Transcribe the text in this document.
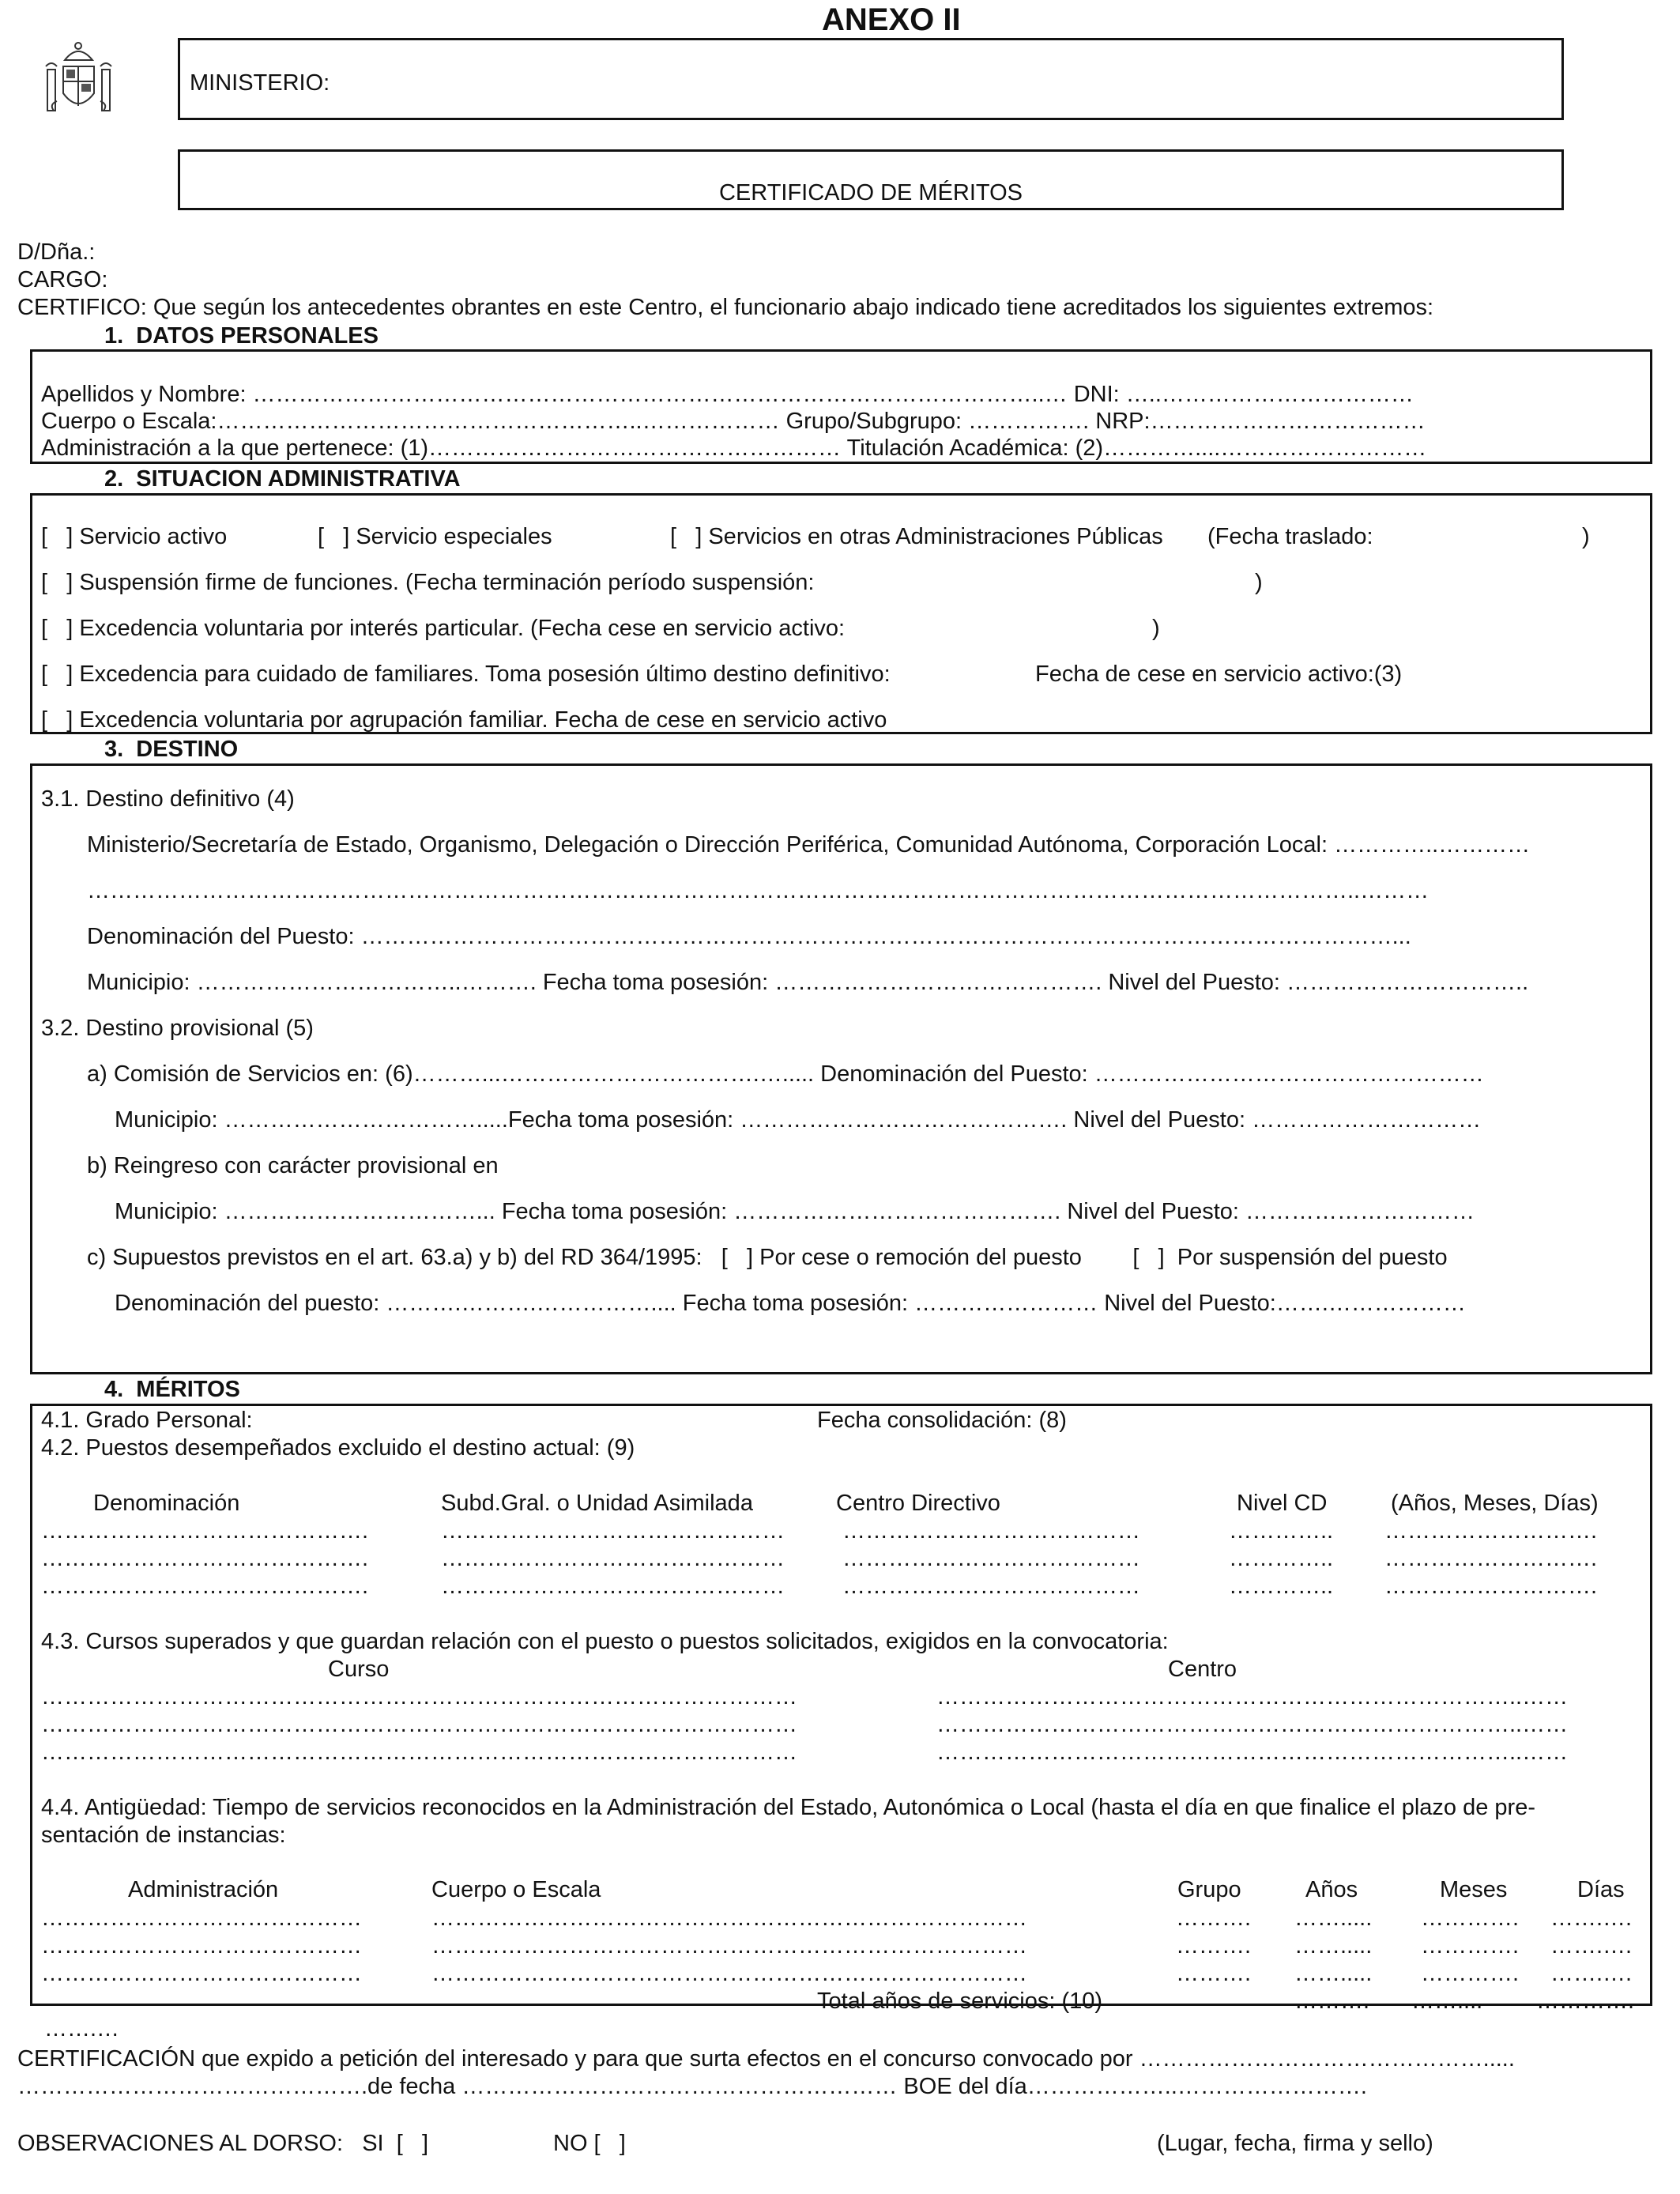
ANEXO II
MINISTERIO:
CERTIFICADO DE MÉRITOS
D/Dña.:
CARGO:
CERTIFICO: Que según los antecedentes obrantes en este Centro, el funcionario abajo indicado tiene acreditados los siguientes extremos:
1.  DATOS PERSONALES
Apellidos y Nombre: …………………………………………………………………………………………..… DNI: …..……………………………
Cuerpo o Escala:………………………………………………..……………… Grupo/Subgrupo: ……………. NRP:………………………………
Administración a la que pertenece: (1)……………………………………………… Titulación Académica: (2)…………....………………………
2.  SITUACION ADMINISTRATIVA
[   ] Servicio activo	[   ] Servicio especiales	[   ] Servicios en otras Administraciones Públicas (Fecha traslado:	)
[   ] Suspensión firme de funciones. (Fecha terminación período suspensión:	)
[   ] Excedencia voluntaria por interés particular. (Fecha cese en servicio activo:	)
[   ] Excedencia para cuidado de familiares. Toma posesión último destino definitivo:	Fecha de cese en servicio activo:(3)
[   ] Excedencia voluntaria por agrupación familiar. Fecha de cese en servicio activo
3.  DESTINO
3.1. Destino definitivo (4)
Ministerio/Secretaría de Estado, Organismo, Delegación o Dirección Periférica, Comunidad Autónoma, Corporación Local: …………..…………
…………………………………………………………………………………………………………………………………………………..………
Denominación del Puesto: ………………………………………………………………………………………………………………………...
Municipio: ……………………………..………. Fecha toma posesión: ……………………………………. Nivel del Puesto: …………………………..
3.2. Destino provisional (5)
a) Comisión de Servicios en: (6)………...…………………………….…..... Denominación del Puesto: ……………………………………………
Municipio: …………………………….....Fecha toma posesión: ……………………………………. Nivel del Puesto: …………………………
b) Reingreso con carácter provisional en
Municipio: ……………………………... Fecha toma posesión: ……………………………………. Nivel del Puesto: …………………………
c) Supuestos previstos en el art. 63.a) y b) del RD 364/1995:   [   ] Por cese o remoción del puesto        [   ]  Por suspensión del puesto
Denominación del puesto: ……….……….…………….... Fecha toma posesión: …………………… Nivel del Puesto:…….………………
4.  MÉRITOS
4.1. Grado Personal:	Fecha consolidación: (8)
4.2. Puestos desempeñados excluido el destino actual: (9)
Denominación	Subd.Gral. o Unidad Asimilada	Centro Directivo	Nivel CD	(Años, Meses, Días)
…………………………………….	………………………………………	…………………………………	………….. ……………………….
…………………………………….	………………………………………	…………………………………	………….. ……………………….
…………………………………….	………………………………………	…………………………………	………….. ……………………….
4.3. Cursos superados y que guardan relación con el puesto o puestos solicitados, exigidos en la convocatoria:
Curso	Centro
………………………………………………………………………………………	…………………………………………………………………..……
………………………………………………………………………………………	…………………………………………………………………..……
………………………………………………………………………………………	…………………………………………………………………..……
4.4. Antigüedad: Tiempo de servicios reconocidos en la Administración del Estado, Autonómica o Local (hasta el día en que finalice el plazo de pre-
sentación de instancias:
Administración	Cuerpo o Escala	Grupo	Años	Meses	Días
……………………………………	……………………………………………………………………	………. ……..... …………. …….….
……………………………………	……………………………………………………………………	………. ……..... …………. …….….
……………………………………	……………………………………………………………………	………. ……..... …………. …….….
Total años de servicios: (10)	………. …….... ………….
…….…
CERTIFICACIÓN que expido a petición del interesado y para que surta efectos en el concurso convocado por ……………………………………….....
……………………………………….de fecha ………………………………………………… BOE del día………………..…………………….
OBSERVACIONES AL DORSO:   SI  [   ]	NO [   ]	(Lugar, fecha, firma y sello)
